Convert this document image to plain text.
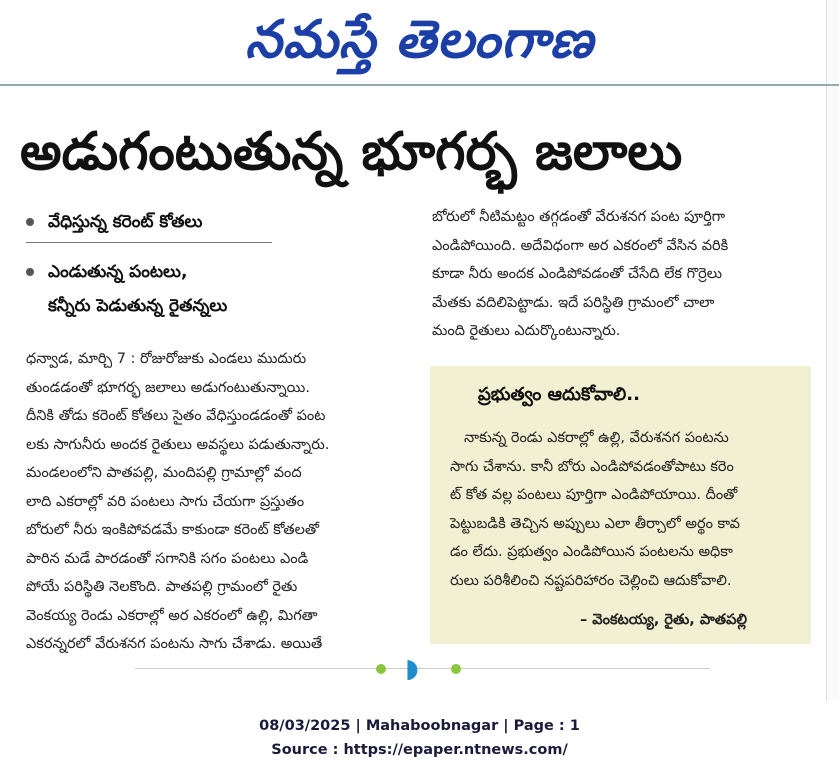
నమస్తే తెలంగాణ
అడుగంటుతున్న భూగర్భ జలాలు
వేధిస్తున్న కరెంట్ కోతలు
ఎండుతున్న పంటలు,
కన్నీరు పెడుతున్న రైతన్నలు
ధన్వాడ, మార్చి 7 : రోజురోజుకు ఎండలు ముదురు
తుండడంతో భూగర్భ జలాలు అడుగంటుతున్నాయి.
దీనికి తోడు కరెంట్ కోతలు సైతం వేధిస్తుండడంతో పంట
లకు సాగునీరు అందక రైతులు అవస్థలు పడుతున్నారు.
మండలంలోని పాతపల్లి, మందిపల్లి గ్రామాల్లో వంద
లాది ఎకరాల్లో వరి పంటలు సాగు చేయగా ప్రస్తుతం
బోరులో నీరు ఇంకిపోవడమే కాకుండా కరెంట్ కోతలతో
పారిన మడే పారడంతో సగానికి సగం పంటలు ఎండి
పోయే పరిస్థితి నెలకొంది. పాతపల్లి గ్రామంలో రైతు
వెంకయ్య రెండు ఎకరాల్లో అర ఎకరంలో ఉల్లి, మిగతా
ఎకరన్నరలో వేరుశనగ పంటను సాగు చేశాడు. అయితే
బోరులో నీటిమట్టం తగ్గడంతో వేరుశనగ పంట పూర్తిగా
ఎండిపోయింది. అదేవిధంగా అర ఎకరంలో వేసిన వరికి
కూడా నీరు అందక ఎండిపోవడంతో చేసేది లేక గొర్రెలు
మేతకు వదిలిపెట్టాడు. ఇదే పరిస్థితి గ్రామంలో చాలా
మంది రైతులు ఎదుర్కొంటున్నారు.
ప్రభుత్వం ఆదుకోవాలి..
నాకున్న రెండు ఎకరాల్లో ఉల్లి, వేరుశనగ పంటను
సాగు చేశాను. కానీ బోరు ఎండిపోవడంతోపాటు కరెం
ట్ కోత వల్ల పంటలు పూర్తిగా ఎండిపోయాయి. దీంతో
పెట్టుబడికి తెచ్చిన అప్పులు ఎలా తీర్చాలో అర్థం కావ
డం లేదు. ప్రభుత్వం ఎండిపోయిన పంటలను అధికా
రులు పరిశీలించి నష్టపరిహారం చెల్లించి ఆదుకోవాలి.
– వెంకటయ్య, రైతు, పాతపల్లి
◗
08/03/2025 | Mahaboobnagar | Page : 1
Source : https://epaper.ntnews.com/
